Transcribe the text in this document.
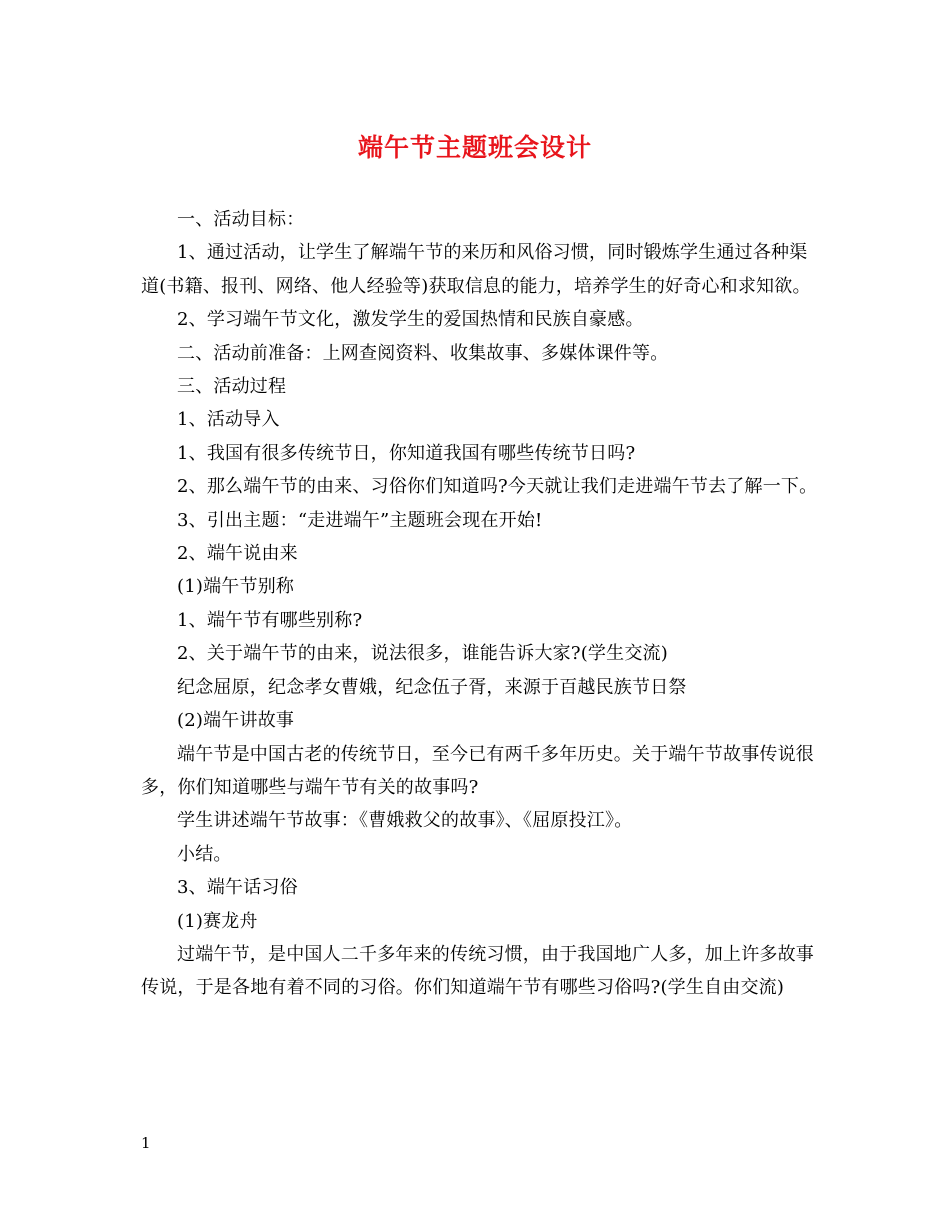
端午节主题班会设计

一、活动目标：

1、通过活动，让学生了解端午节的来历和风俗习惯，同时锻炼学生通过各种渠道(书籍、报刊、网络、他人经验等)获取信息的能力，培养学生的好奇心和求知欲。

2、学习端午节文化，激发学生的爱国热情和民族自豪感。

二、活动前准备：上网查阅资料、收集故事、多媒体课件等。

三、活动过程

1、活动导入

1、我国有很多传统节日，你知道我国有哪些传统节日吗?

2、那么端午节的由来、习俗你们知道吗?今天就让我们走进端午节去了解一下。

3、引出主题：“走进端午”主题班会现在开始!

2、端午说由来

(1)端午节别称

1、端午节有哪些别称?

2、关于端午节的由来，说法很多，谁能告诉大家?(学生交流)

纪念屈原，纪念孝女曹娥，纪念伍子胥，来源于百越民族节日祭

(2)端午讲故事

端午节是中国古老的传统节日，至今已有两千多年历史。关于端午节故事传说很多，你们知道哪些与端午节有关的故事吗?

学生讲述端午节故事：《曹娥救父的故事》、《屈原投江》。

小结。

3、端午话习俗

(1)赛龙舟

过端午节，是中国人二千多年来的传统习惯，由于我国地广人多，加上许多故事传说，于是各地有着不同的习俗。你们知道端午节有哪些习俗吗?(学生自由交流)

1
